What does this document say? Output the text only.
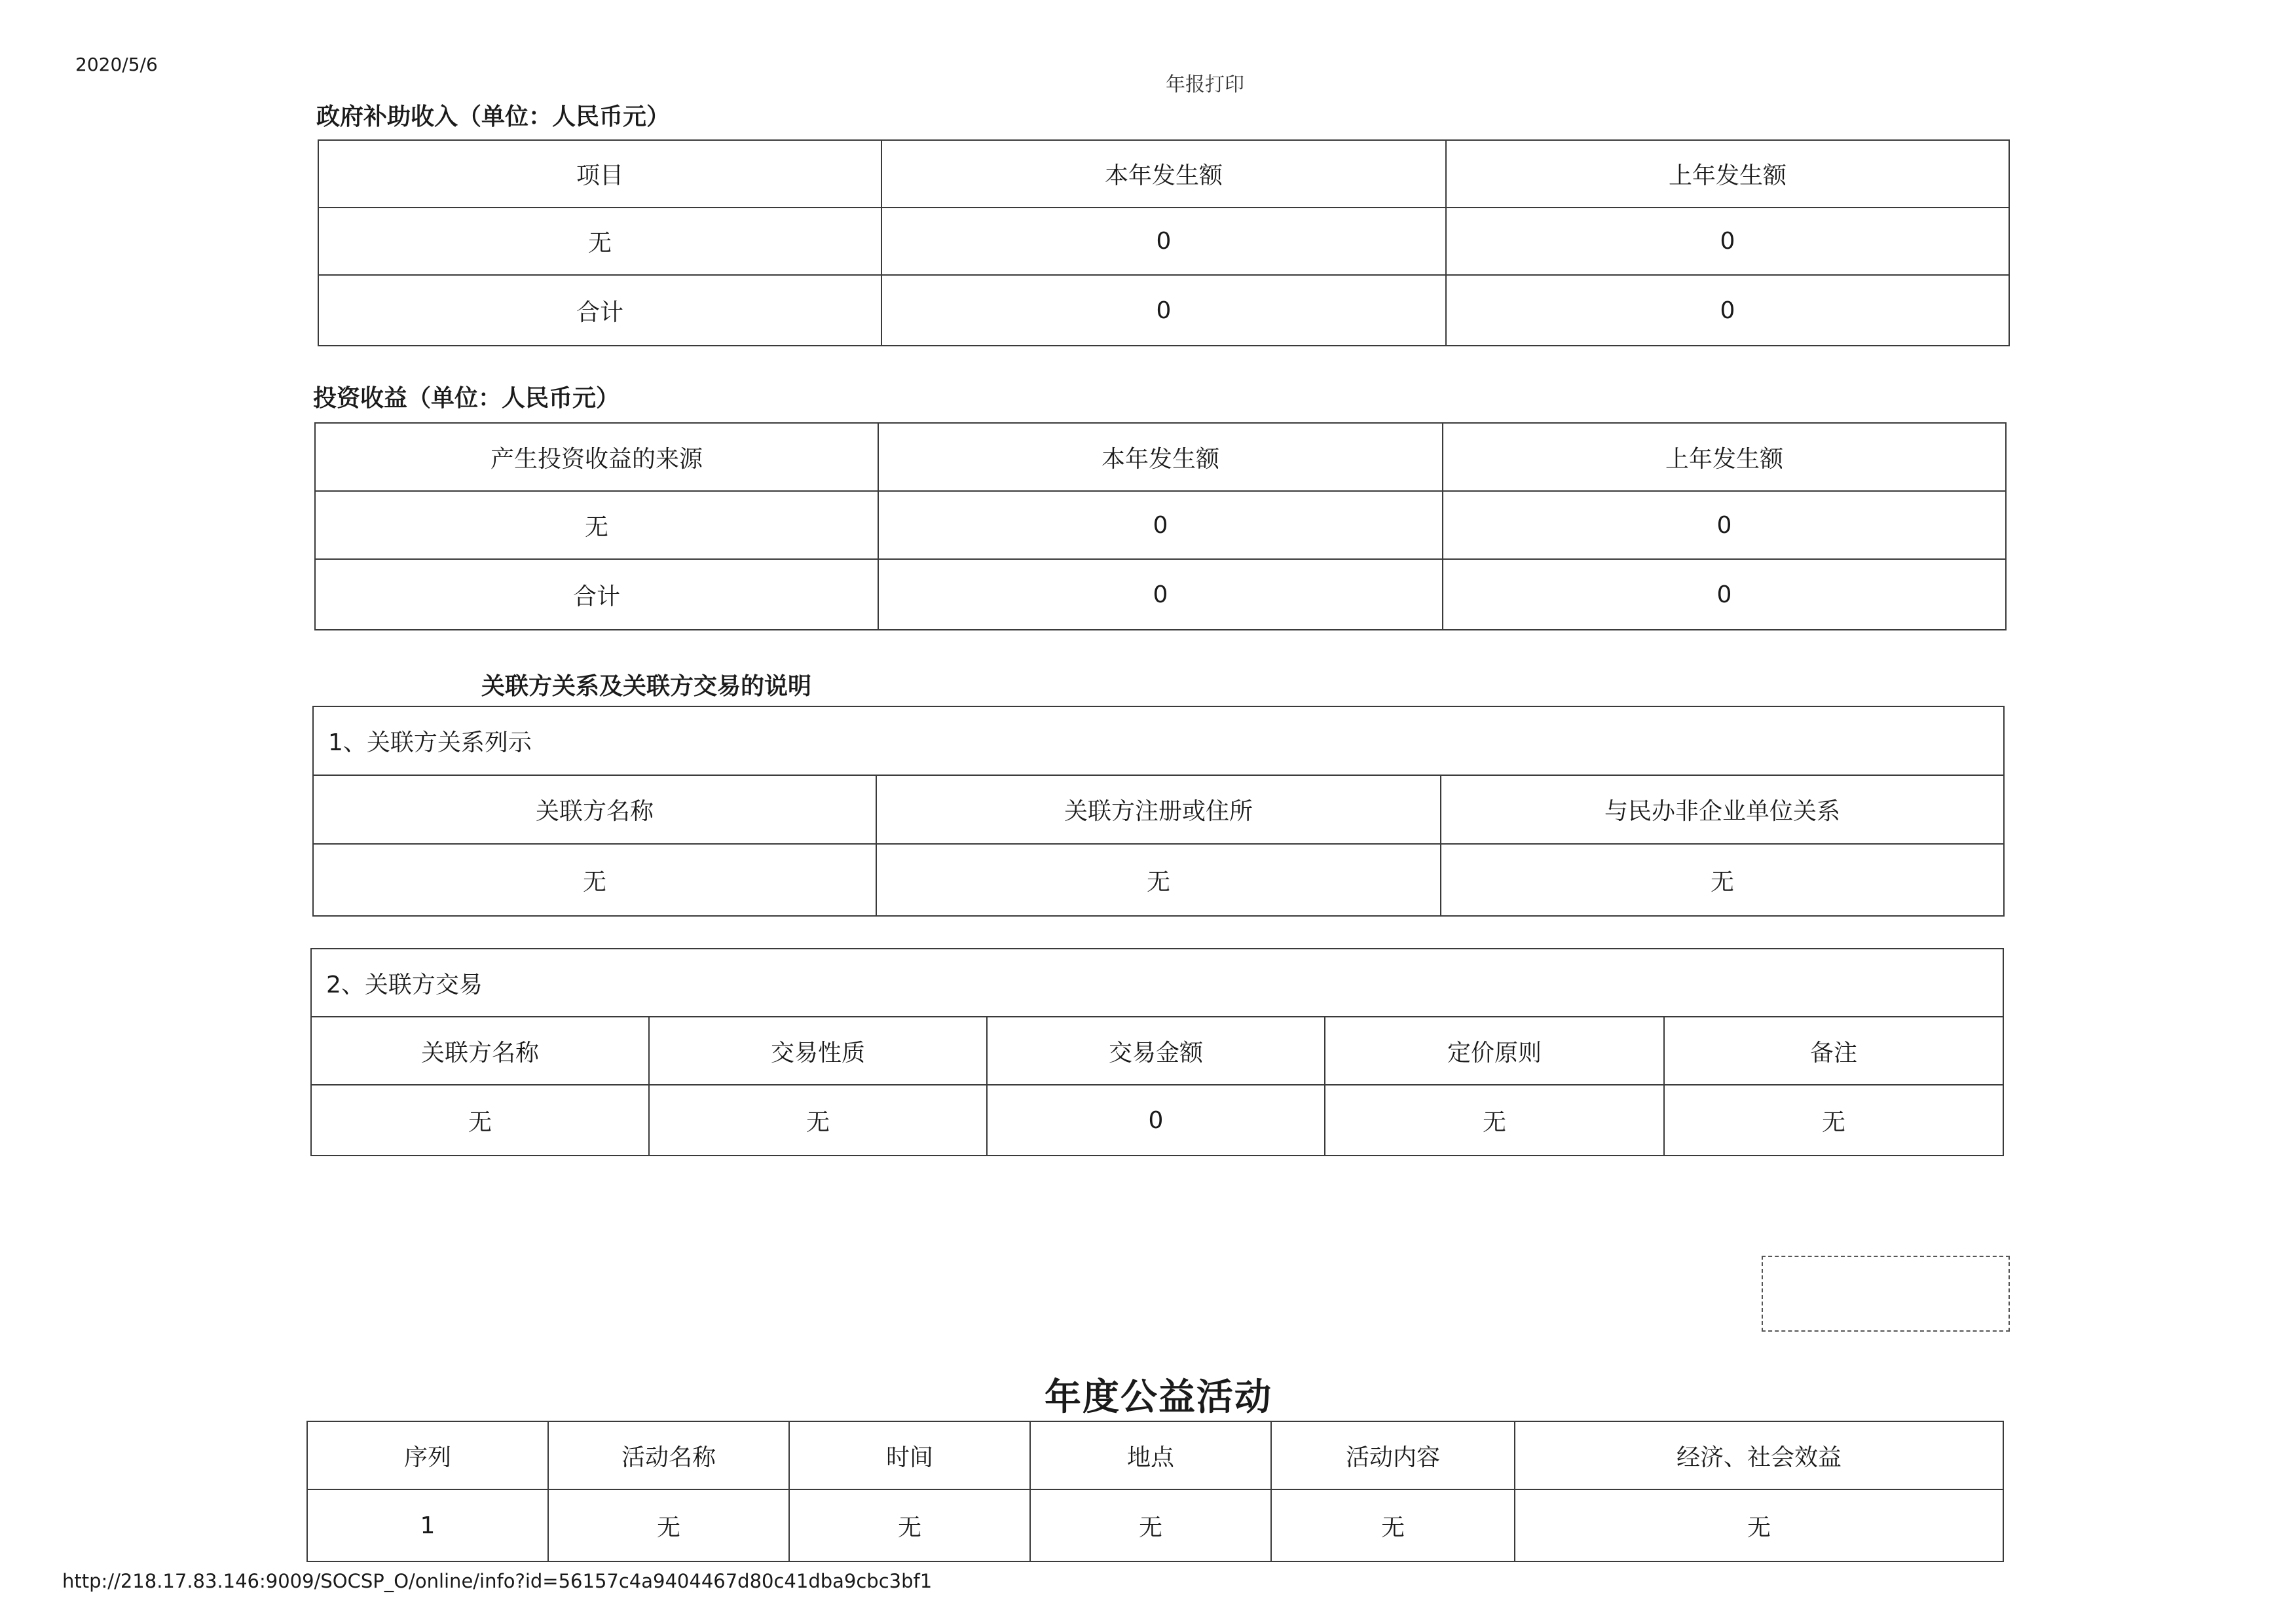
2020/5/6
年报打印
政府补助收入（单位：人民币元）
项目	本年发生额	上年发生额
无	0	0
合计	0	0
投资收益（单位：人民币元）
产生投资收益的来源	本年发生额	上年发生额
无	0	0
合计	0	0
关联方关系及关联方交易的说明
1、关联方关系列示		
关联方名称	关联方注册或住所	与民办非企业单位关系
无	无	无
2、关联方交易				
关联方名称	交易性质	交易金额	定价原则	备注
无	无	0	无	无
年度公益活动
序列	活动名称	时间	地点	活动内容	经济、社会效益
1	无	无	无	无	无
http://218.17.83.146:9009/SOCSP_O/online/info?id=56157c4a9404467d80c41dba9cbc3bf1
